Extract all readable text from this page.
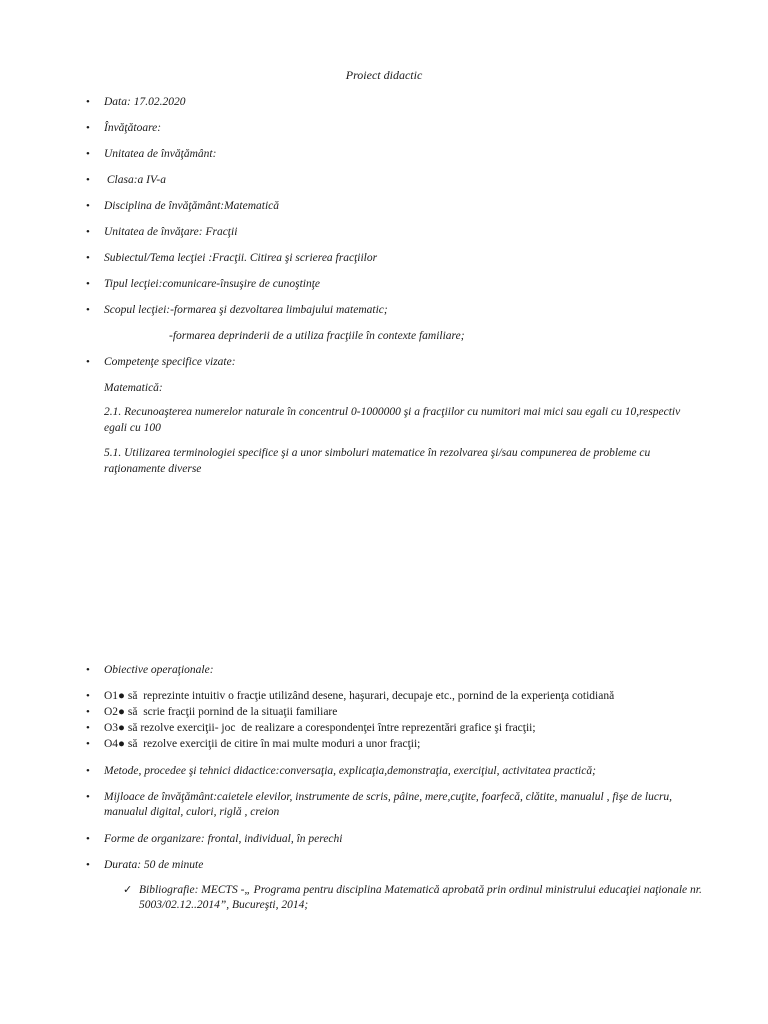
Proiect didactic
• Data: 17.02.2020
• Învăţătoare:
• Unitatea de învăţământ:
• Clasa:a IV-a
• Disciplina de învăţământ:Matematică
• Unitatea de învăţare: Fracţii
• Subiectul/Tema lecţiei :Fracţii. Citirea şi scrierea fracţiilor
• Tipul lecţiei:comunicare-însuşire de cunoştinţe
• Scopul lecţiei:-formarea şi dezvoltarea limbajului matematic;
-formarea deprinderii de a utiliza fracţiile în contexte familiare;
• Competenţe specifice vizate:
Matematică:
2.1. Recunoaşterea numerelor naturale în concentrul 0-1000000 şi a fracţiilor cu numitori mai mici sau egali cu 10,respectiv egali cu 100
5.1. Utilizarea terminologiei specifice şi a unor simboluri matematice în rezolvarea şi/sau compunerea de probleme cu raţionamente diverse
• Obiective operaţionale:
• O1● să  reprezinte intuitiv o fracţie utilizând desene, haşurari, decupaje etc., pornind de la experienţa cotidiană
• O2● să  scrie fracţii pornind de la situaţii familiare
• O3● să rezolve exerciţii- joc  de realizare a corespondenţei între reprezentări grafice şi fracţii;
• O4● să  rezolve exerciţii de citire în mai multe moduri a unor fracţii;
• Metode, procedee şi tehnici didactice:conversaţia, explicaţia,demonstraţia, exerciţiul, activitatea practică;
• Mijloace de învăţământ:caietele elevilor, instrumente de scris, pâine, mere,cuţite, foarfecă, clătite, manualul , fişe de lucru, manualul digital, culori, riglă , creion
• Forme de organizare: frontal, individual, în perechi
• Durata: 50 de minute
✓ Bibliografie: MECTS -„ Programa pentru disciplina Matematică aprobată prin ordinul ministrului educaţiei naţionale nr. 5003/02.12..2014”, Bucureşti, 2014;
